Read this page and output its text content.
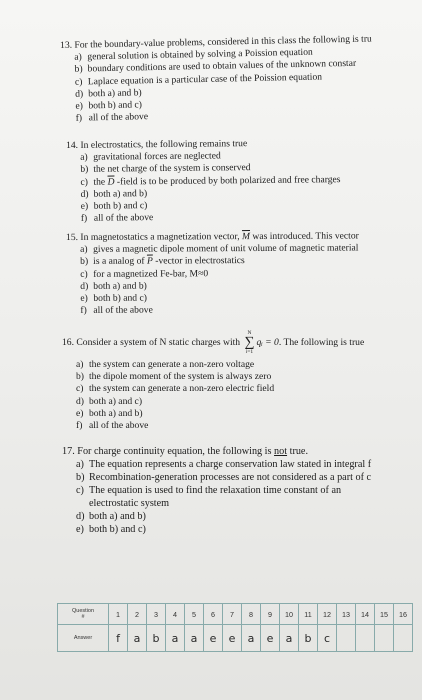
13. For the boundary-value problems, considered in this class the following is tru
a) general solution is obtained by solving a Poission equation
b) boundary conditions are used to obtain values of the unknown constar
c) Laplace equation is a particular case of the Poission equation
d) both a) and b)
e) both b) and c)
f) all of the above
14. In electrostatics, the following remains true
a) gravitational forces are neglected
b) the net charge of the system is conserved
c) the $\overline{D}$ -field is to be produced by both polarized and free charges
d) both a) and b)
e) both b) and c)
f) all of the above
15. In magnetostatics a magnetization vector, $\overline{M}$ was introduced. This vector
a) gives a magnetic dipole moment of unit volume of magnetic material
b) is a analog of $\overline{P}$ -vector in electrostatics
c) for a magnetized Fe-bar, M≈0
d) both a) and b)
e) both b) and c)
f) all of the above
16. Consider a system of N static charges with
N
∑
i=1
qᵢ = 0. The following is true
a) the system can generate a non-zero voltage
b) the dipole moment of the system is always zero
c) the system can generate a non-zero electric field
d) both a) and c)
e) both a) and b)
f) all of the above
17. For charge continuity equation, the following is not true.
a) The equation represents a charge conservation law stated in integral f
b) Recombination-generation processes are not considered as a part of c
c) The equation is used to find the relaxation time constant of an
electrostatic system
d) both a) and b)
e) both b) and c)
Question
#	1	2	3	4	5	6	7	8	9	10	11	12	13	14	15	16
Answer	f	a	b	a	a	e	e	a	e	a	b	c				
